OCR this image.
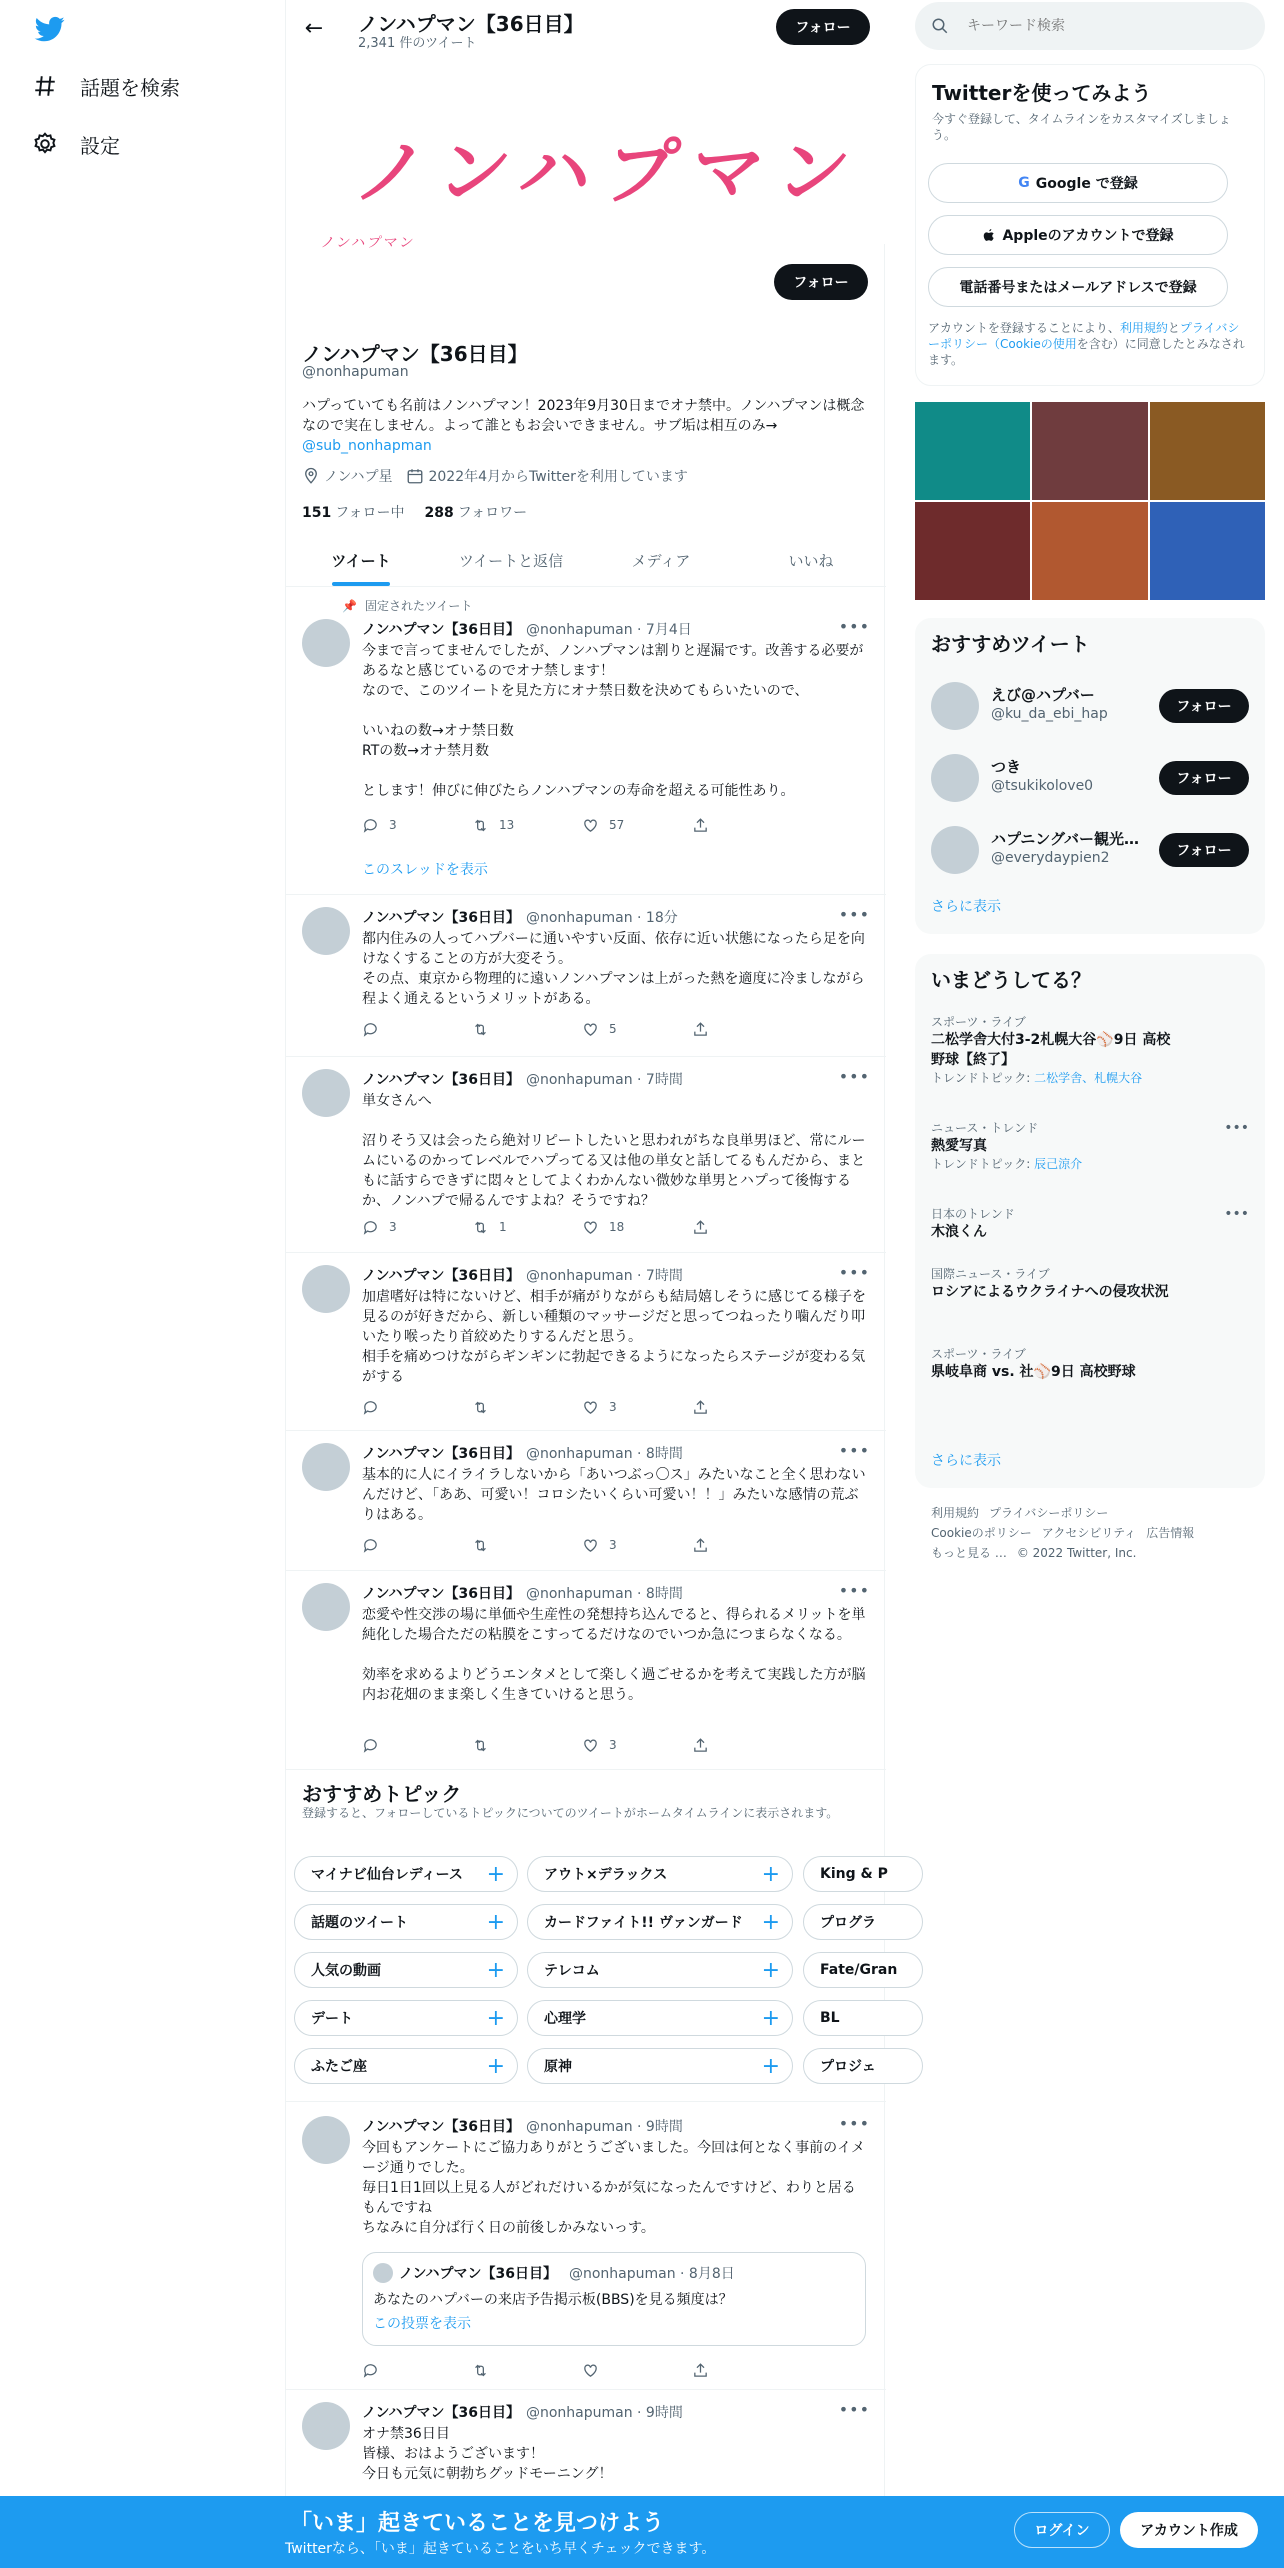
話題を検索
設定
←	ノンハプマン【36日目】
2,341 件のツイート
フォロー
ノンハプマン
ノンハプマン
フォロー
ノンハプマン【36日目】
@nonhapuman
ハプっていても名前はノンハプマン！2023年9月30日までオナ禁中。ノンハプマンは概念なので実在しません。よって誰ともお会いできません。サブ垢は相互のみ→
@sub_nonhapman
ノンハプ星	2022年4月からTwitterを利用しています
151 フォロー中 288 フォロワー
ツイート	ツイートと返信	メディア	いいね
📌 固定されたツイート
ノンハプマン【36日目】 @nonhapuman · 7月4日	•••
今まで言ってませんでしたが、ノンハプマンは割りと遅漏です。改善する必要があるなと感じているのでオナ禁します！
なので、このツイートを見た方にオナ禁日数を決めてもらいたいので、

いいねの数→オナ禁日数
RTの数→オナ禁月数

とします！伸びに伸びたらノンハプマンの寿命を超える可能性あり。
3	13	57
このスレッドを表示
ノンハプマン【36日目】 @nonhapuman · 18分	•••
都内住みの人ってハプバーに通いやすい反面、依存に近い状態になったら足を向けなくすることの方が大変そう。
その点、東京から物理的に遠いノンハプマンは上がった熱を適度に冷ましながら程よく通えるというメリットがある。
5
ノンハプマン【36日目】 @nonhapuman · 7時間	•••
単女さんへ

沼りそう又は会ったら絶対リピートしたいと思われがちな良単男ほど、常にルームにいるのかってレベルでハプってる又は他の単女と話してるもんだから、まともに話すらできずに悶々としてよくわかんない微妙な単男とハプって後悔するか、ノンハプで帰るんですよね？そうですね？
3	1	18
ノンハプマン【36日目】 @nonhapuman · 7時間	•••
加虐嗜好は特にないけど、相手が痛がりながらも結局嬉しそうに感じてる様子を見るのが好きだから、新しい種類のマッサージだと思ってつねったり噛んだり叩いたり喉ったり首絞めたりするんだと思う。
相手を痛めつけながらギンギンに勃起できるようになったらステージが変わる気がする
3
ノンハプマン【36日目】 @nonhapuman · 8時間	•••
基本的に人にイライラしないから「あいつぶっ〇ス」みたいなこと全く思わないんだけど、「ああ、可愛い！コロシたいくらい可愛い！！」みたいな感情の荒ぶりはある。
3
ノンハプマン【36日目】 @nonhapuman · 8時間	•••
恋愛や性交渉の場に単価や生産性の発想持ち込んでると、得られるメリットを単純化した場合ただの粘膜をこすってるだけなのでいつか急につまらなくなる。

効率を求めるよりどうエンタメとして楽しく過ごせるかを考えて実践した方が脳内お花畑のまま楽しく生きていけると思う。
3
おすすめトピック
登録すると、フォローしているトピックについてのツイートがホームタイムラインに表示されます。
マイナビ仙台レディース +	アウト×デラックス	+	King & P
話題のツイート	+	カードファイト!! ヴァンガード +	プログラ
人気の動画	+	テレコム	+	Fate/Gran
デート	+	心理学	+	BL
ふたご座	+	原神	+	プロジェ
ノンハプマン【36日目】 @nonhapuman · 9時間	•••
今回もアンケートにご協力ありがとうございました。今回は何となく事前のイメージ通りでした。
毎日1日1回以上見る人がどれだけいるかが気になったんですけど、わりと居るもんですね
ちなみに自分ば行く日の前後しかみないっす。
ノンハプマン【36日目】 @nonhapuman · 8月8日
あなたのハプバーの来店予告掲示板(BBS)を見る頻度は？
この投票を表示
ノンハプマン【36日目】 @nonhapuman · 9時間	•••
オナ禁36日目
皆様、おはようございます！
今日も元気に朝勃ちグッドモーニング！
キーワード検索
Twitterを使ってみよう
今すぐ登録して、タイムラインをカスタマイズしましょう。
G Google で登録
Appleのアカウントで登録
電話番号またはメールアドレスで登録
アカウントを登録することにより、利用規約とプライバシーポリシー（Cookieの使用を含む）に同意したとみなされます。
おすすめツイート
えび@ハプバー
@ku_da_ebi_hap	フォロー
つき
@tsukikolove0	フォロー
ハプニングバー観光…
@everydaypien2	フォロー
さらに表示
いまどうしてる？
スポーツ・ライブ
二松学舎大付3-2札幌大谷⚾9日 高校野球【終了】
トレンドトピック: 二松学舎、札幌大谷
ニュース・トレンド
熱愛写真
トレンドトピック: 辰己涼介
•••
日本のトレンド
木浪くん
•••
国際ニュース・ライブ
ロシアによるウクライナへの侵攻状況
スポーツ・ライブ
県岐阜商 vs. 社⚾9日 高校野球
さらに表示
利用規約 プライバシーポリシー
Cookieのポリシー アクセシビリティ 広告情報
もっと見る … © 2022 Twitter, Inc.
「いま」起きていることを見つけよう
Twitterなら、「いま」起きていることをいち早くチェックできます。
ログイン	アカウント作成
